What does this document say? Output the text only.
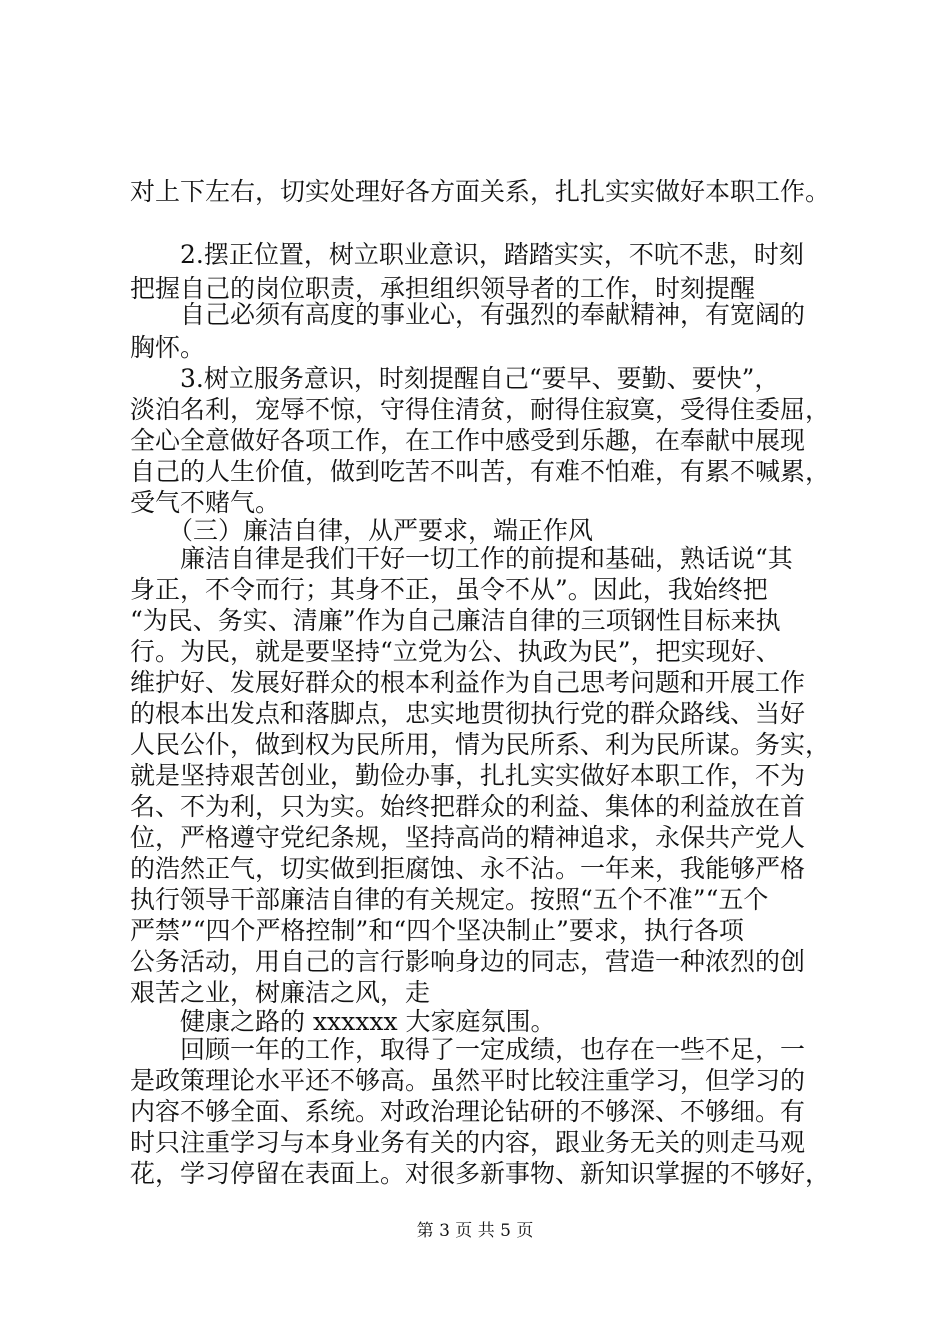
对上下左右，切实处理好各方面关系，扎扎实实做好本职工作。
2.摆正位置，树立职业意识，踏踏实实，不吭不悲，时刻
把握自己的岗位职责，承担组织领导者的工作，时刻提醒
自己必须有高度的事业心，有强烈的奉献精神，有宽阔的
胸怀。
3.树立服务意识，时刻提醒自己“要早、要勤、要快”，
淡泊名利，宠辱不惊，守得住清贫，耐得住寂寞，受得住委屈，
全心全意做好各项工作，在工作中感受到乐趣，在奉献中展现
自己的人生价值，做到吃苦不叫苦，有难不怕难，有累不喊累，
受气不赌气。
（三）廉洁自律，从严要求，端正作风
廉洁自律是我们干好一切工作的前提和基础，熟话说“其
身正，不令而行；其身不正，虽令不从”。因此，我始终把
“为民、务实、清廉”作为自己廉洁自律的三项钢性目标来执
行。为民，就是要坚持“立党为公、执政为民”，把实现好、
维护好、发展好群众的根本利益作为自己思考问题和开展工作
的根本出发点和落脚点，忠实地贯彻执行党的群众路线、当好
人民公仆，做到权为民所用，情为民所系、利为民所谋。务实，
就是坚持艰苦创业，勤俭办事，扎扎实实做好本职工作，不为
名、不为利，只为实。始终把群众的利益、集体的利益放在首
位，严格遵守党纪条规，坚持高尚的精神追求，永保共产党人
的浩然正气，切实做到拒腐蚀、永不沾。一年来，我能够严格
执行领导干部廉洁自律的有关规定。按照“五个不准”“五个
严禁”“四个严格控制”和“四个坚决制止”要求，执行各项
公务活动，用自己的言行影响身边的同志，营造一种浓烈的创
艰苦之业，树廉洁之风，走
健康之路的 xxxxxx 大家庭氛围。
回顾一年的工作，取得了一定成绩，也存在一些不足，一
是政策理论水平还不够高。虽然平时比较注重学习，但学习的
内容不够全面、系统。对政治理论钻研的不够深、不够细。有
时只注重学习与本身业务有关的内容，跟业务无关的则走马观
花，学习停留在表面上。对很多新事物、新知识掌握的不够好，
第 3 页 共 5 页
